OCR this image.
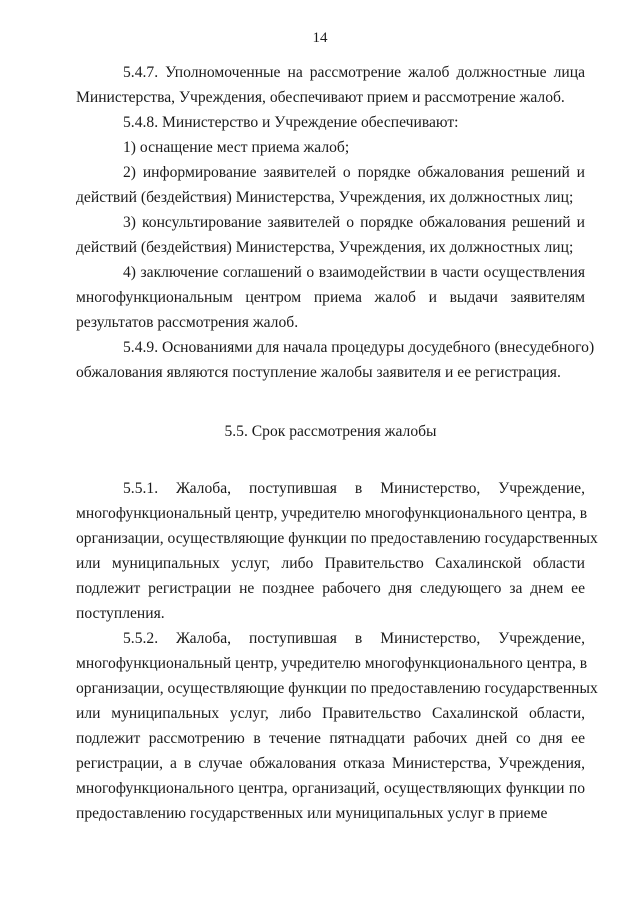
14
5.4.7. Уполномоченные на рассмотрение жалоб должностные лица
Министерства, Учреждения, обеспечивают прием и рассмотрение жалоб.
5.4.8. Министерство и Учреждение обеспечивают:
1) оснащение мест приема жалоб;
2) информирование заявителей о порядке обжалования решений и
действий (бездействия) Министерства, Учреждения, их должностных лиц;
3) консультирование заявителей о порядке обжалования решений и
действий (бездействия) Министерства, Учреждения, их должностных лиц;
4) заключение соглашений о взаимодействии в части осуществления
многофункциональным центром приема жалоб и выдачи заявителям
результатов рассмотрения жалоб.
5.4.9. Основаниями для начала процедуры досудебного (внесудебного)
обжалования являются поступление жалобы заявителя и ее регистрация.
5.5. Срок рассмотрения жалобы
5.5.1. Жалоба, поступившая в Министерство, Учреждение,
многофункциональный центр, учредителю многофункционального центра, в
организации, осуществляющие функции по предоставлению государственных
или муниципальных услуг, либо Правительство Сахалинской области
подлежит регистрации не позднее рабочего дня следующего за днем ее
поступления.
5.5.2. Жалоба, поступившая в Министерство, Учреждение,
многофункциональный центр, учредителю многофункционального центра, в
организации, осуществляющие функции по предоставлению государственных
или муниципальных услуг, либо Правительство Сахалинской области,
подлежит рассмотрению в течение пятнадцати рабочих дней со дня ее
регистрации, а в случае обжалования отказа Министерства, Учреждения,
многофункционального центра, организаций, осуществляющих функции по
предоставлению государственных или муниципальных услуг в приеме
